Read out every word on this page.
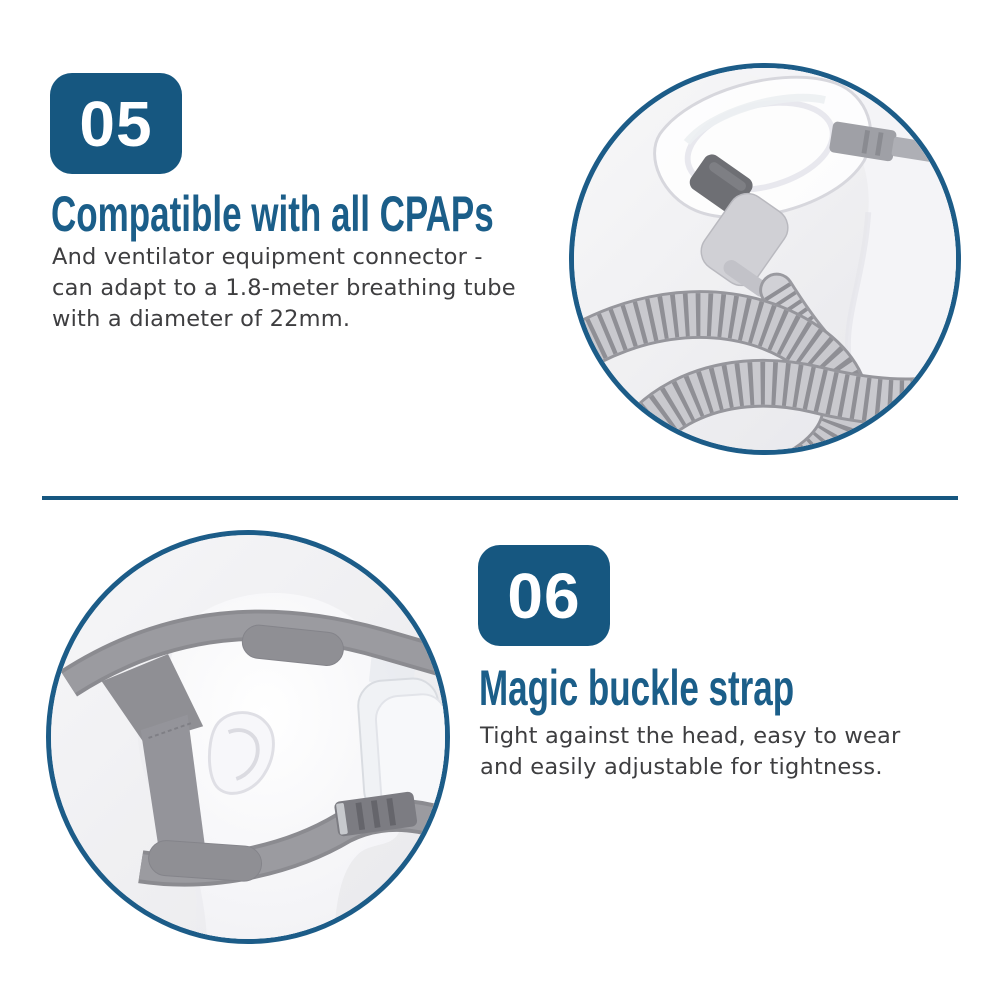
05
Compatible with all CPAPs
And ventilator equipment connector -
can adapt to a 1.8-meter breathing tube
with a diameter of 22mm.
06
Magic buckle strap
Tight against the head, easy to wear
and easily adjustable for tightness.
